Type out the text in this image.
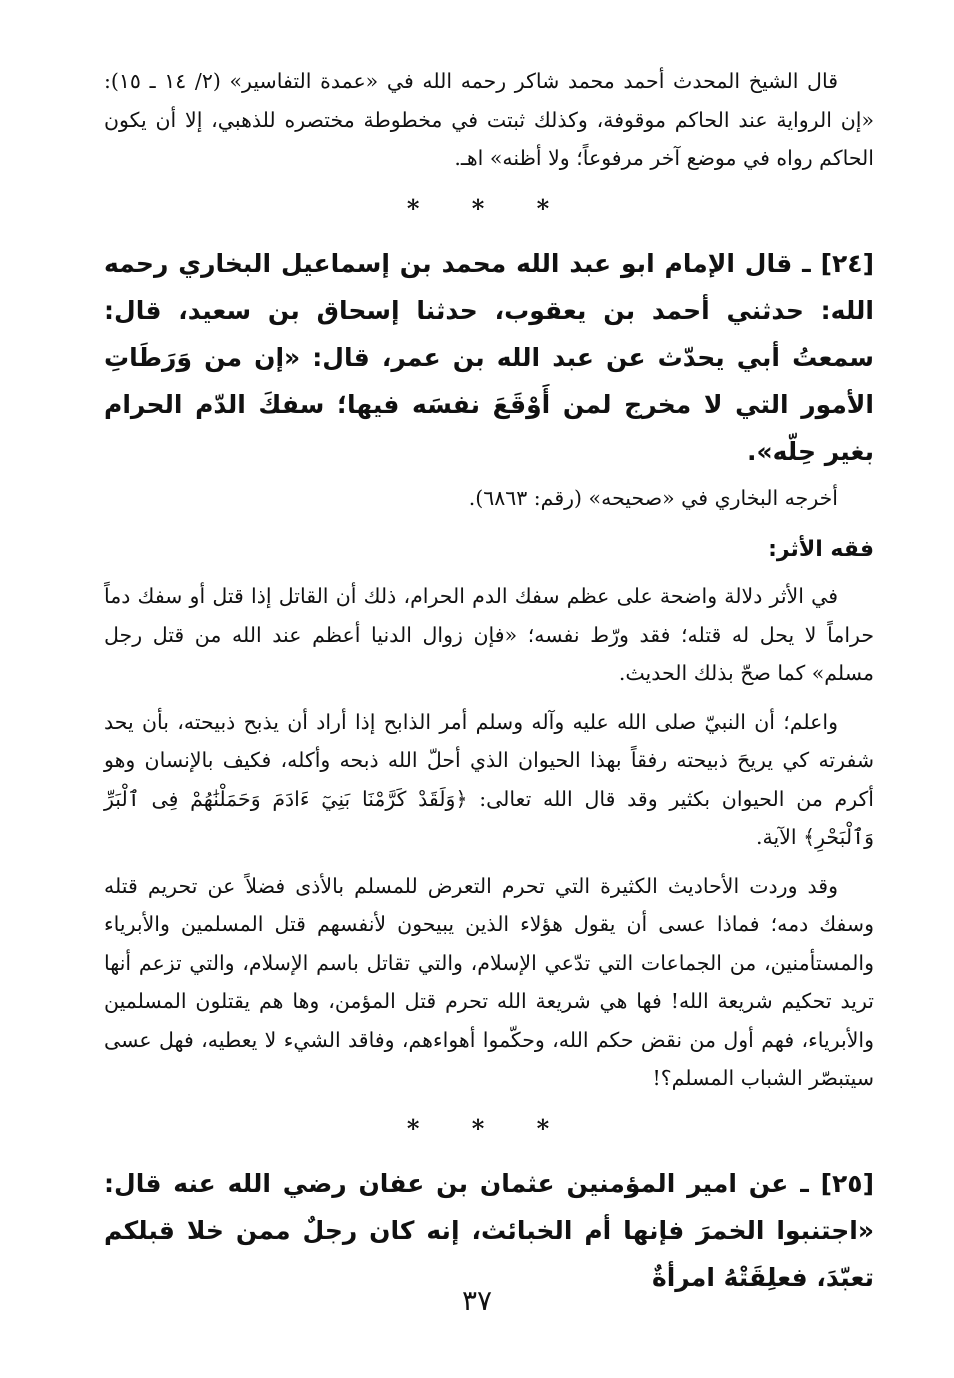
قال الشيخ المحدث أحمد محمد شاكر رحمه الله في «عمدة التفاسير» (٢/ ١٤ ـ ١٥): «إن الرواية عند الحاكم موقوفة، وكذلك ثبتت في مخطوطة مختصره للذهبي، إلا أن يكون الحاكم رواه في موضع آخر مرفوعاً؛ ولا أظنه» اهـ.

* * *

[٢٤] ـ قال الإمام ابو عبد الله محمد بن إسماعيل البخاري رحمه الله: حدثني أحمد بن يعقوب، حدثنا إسحاق بن سعيد، قال: سمعتُ أبي يحدّث عن عبد الله بن عمر، قال: «إن من وَرَطَاتِ الأمور التي لا مخرج لمن أَوْقَعَ نفسَه فيها؛ سفكَ الدّم الحرام بغير حِلّه».

أخرجه البخاري في «صحيحه» (رقم: ٦٨٦٣).

فقه الأثر:

في الأثر دلالة واضحة على عظم سفك الدم الحرام، ذلك أن القاتل إذا قتل أو سفك دماً حراماً لا يحل له قتله؛ فقد ورّط نفسه؛ «فإن زوال الدنيا أعظم عند الله من قتل رجل مسلم» كما صحّ بذلك الحديث.

واعلم؛ أن النبيّ صلى الله عليه وآله وسلم أمر الذابح إذا أراد أن يذبح ذبيحته، بأن يحد شفرته كي يريحَ ذبيحته رفقاً بهذا الحيوان الذي أحلّ الله ذبحه وأكله، فكيف بالإنسان وهو أكرم من الحيوان بكثير وقد قال الله تعالى: ﴿وَلَقَدْ كَرَّمْنَا بَنِيٓ ءَادَمَ وَحَمَلْنَٰهُمْ فِى ٱلْبَرِّ وَٱلْبَحْرِ﴾ الآية.

وقد وردت الأحاديث الكثيرة التي تحرم التعرض للمسلم بالأذى فضلاً عن تحريم قتله وسفك دمه؛ فماذا عسى أن يقول هؤلاء الذين يبيحون لأنفسهم قتل المسلمين والأبرياء والمستأمنين، من الجماعات التي تدّعي الإسلام، والتي تقاتل باسم الإسلام، والتي تزعم أنها تريد تحكيم شريعة الله! فها هي شريعة الله تحرم قتل المؤمن، وها هم يقتلون المسلمين والأبرياء، فهم أول من نقض حكم الله، وحكّموا أهواءهم، وفاقد الشيء لا يعطيه، فهل عسى سيتبصّر الشباب المسلم؟!

* * *

[٢٥] ـ عن امير المؤمنين عثمان بن عفان رضي الله عنه قال: «اجتنبوا الخمرَ فإنها أم الخبائث، إنه كان رجلٌ ممن خلا قبلكم تعبّدَ، فعلِقَتْهُ امرأةٌ

٣٧
